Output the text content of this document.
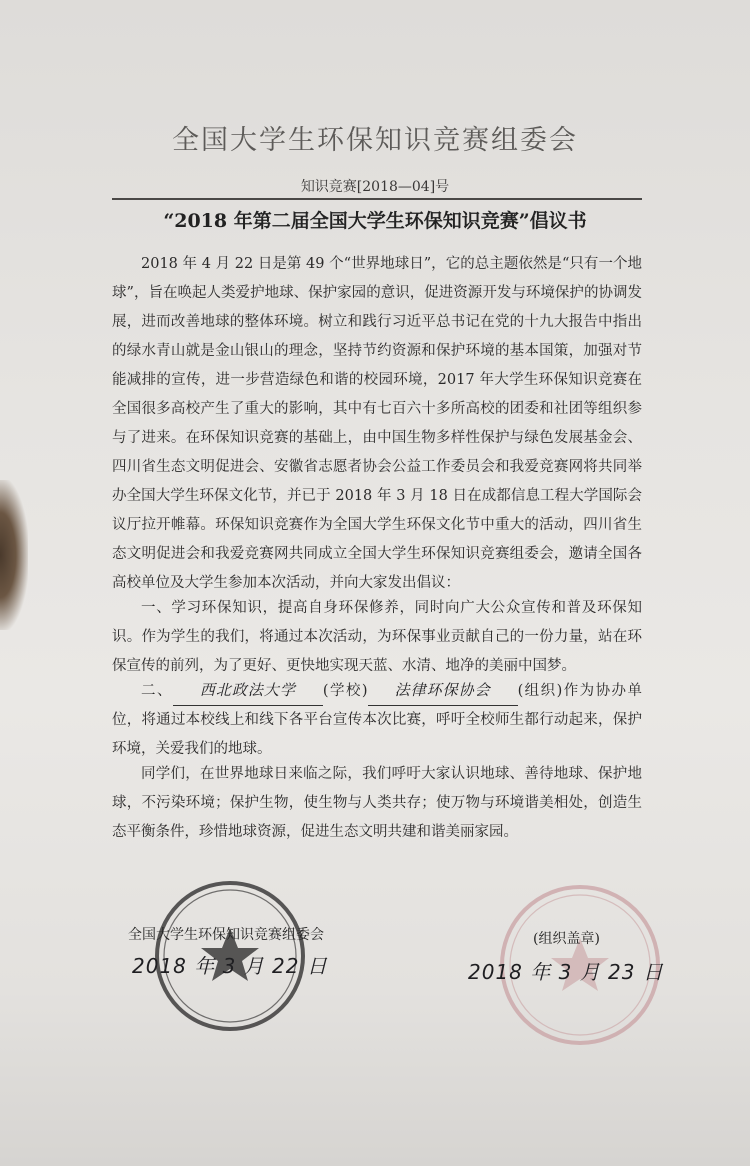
全国大学生环保知识竞赛组委会
知识竞赛[2018—04]号
“2018 年第二届全国大学生环保知识竞赛”倡议书

2018 年 4 月 22 日是第 49 个“世界地球日”，它的总主题依然是“只有一个地球”，旨在唤起人类爱护地球、保护家园的意识，促进资源开发与环境保护的协调发展，进而改善地球的整体环境。树立和践行习近平总书记在党的十九大报告中指出的绿水青山就是金山银山的理念，坚持节约资源和保护环境的基本国策，加强对节能减排的宣传，进一步营造绿色和谐的校园环境，2017 年大学生环保知识竞赛在全国很多高校产生了重大的影响，其中有七百六十多所高校的团委和社团等组织参与了进来。在环保知识竞赛的基础上，由中国生物多样性保护与绿色发展基金会、四川省生态文明促进会、安徽省志愿者协会公益工作委员会和我爱竞赛网将共同举办全国大学生环保文化节，并已于 2018 年 3 月 18 日在成都信息工程大学国际会议厅拉开帷幕。环保知识竞赛作为全国大学生环保文化节中重大的活动，四川省生态文明促进会和我爱竞赛网共同成立全国大学生环保知识竞赛组委会，邀请全国各高校单位及大学生参加本次活动，并向大家发出倡议：

一、学习环保知识，提高自身环保修养，同时向广大公众宣传和普及环保知识。作为学生的我们，将通过本次活动，为环保事业贡献自己的一份力量，站在环保宣传的前列，为了更好、更快地实现天蓝、水清、地净的美丽中国梦。

二、 西北政法大学 (学校) 法律环保协会 (组织)作为协办单位，将通过本校线上和线下各平台宣传本次比赛，呼吁全校师生都行动起来，保护环境，关爱我们的地球。

同学们，在世界地球日来临之际，我们呼吁大家认识地球、善待地球、保护地球，不污染环境；保护生物，使生物与人类共存；使万物与环境谐美相处，创造生态平衡条件，珍惜地球资源，促进生态文明共建和谐美丽家园。

全国大学生环保知识竞赛组委会
2018 年 3 月 22 日
(组织盖章)
2018 年 3 月 23 日
